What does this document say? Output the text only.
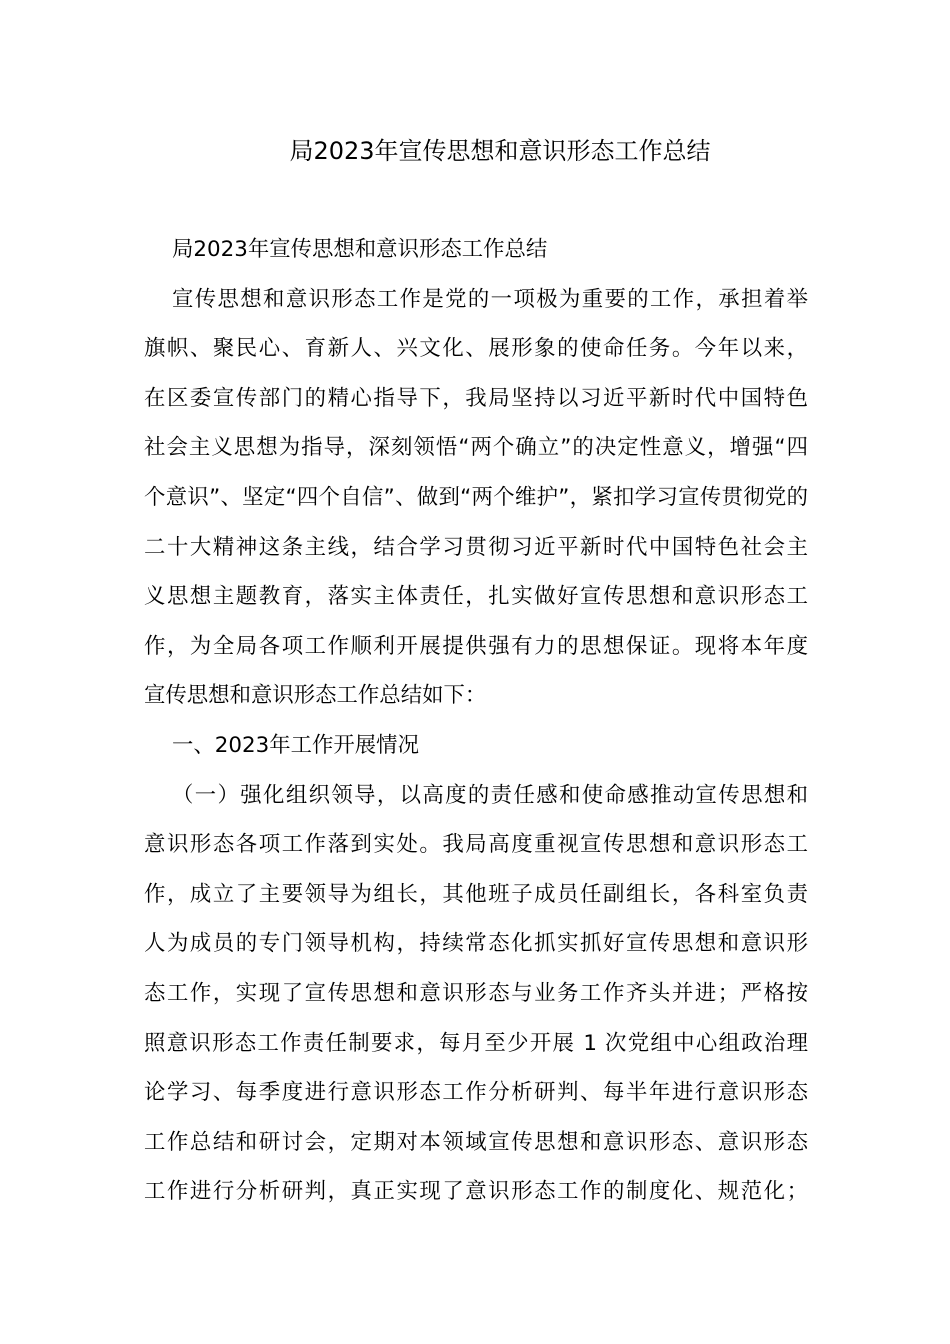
局2023年宣传思想和意识形态工作总结
局2023年宣传思想和意识形态工作总结
宣传思想和意识形态工作是党的一项极为重要的工作，承担着举
旗帜、聚民心、育新人、兴文化、展形象的使命任务。今年以来，
在区委宣传部门的精心指导下，我局坚持以习近平新时代中国特色
社会主义思想为指导，深刻领悟“两个确立”的决定性意义，增强“四
个意识”、坚定“四个自信”、做到“两个维护”，紧扣学习宣传贯彻党的
二十大精神这条主线，结合学习贯彻习近平新时代中国特色社会主
义思想主题教育，落实主体责任，扎实做好宣传思想和意识形态工
作，为全局各项工作顺利开展提供强有力的思想保证。现将本年度
宣传思想和意识形态工作总结如下：
一、2023年工作开展情况
（一）强化组织领导，以高度的责任感和使命感推动宣传思想和
意识形态各项工作落到实处。我局高度重视宣传思想和意识形态工
作，成立了主要领导为组长，其他班子成员任副组长，各科室负责
人为成员的专门领导机构，持续常态化抓实抓好宣传思想和意识形
态工作，实现了宣传思想和意识形态与业务工作齐头并进；严格按
照意识形态工作责任制要求，每月至少开展 1 次党组中心组政治理
论学习、每季度进行意识形态工作分析研判、每半年进行意识形态
工作总结和研讨会，定期对本领域宣传思想和意识形态、意识形态
工作进行分析研判，真正实现了意识形态工作的制度化、规范化；
